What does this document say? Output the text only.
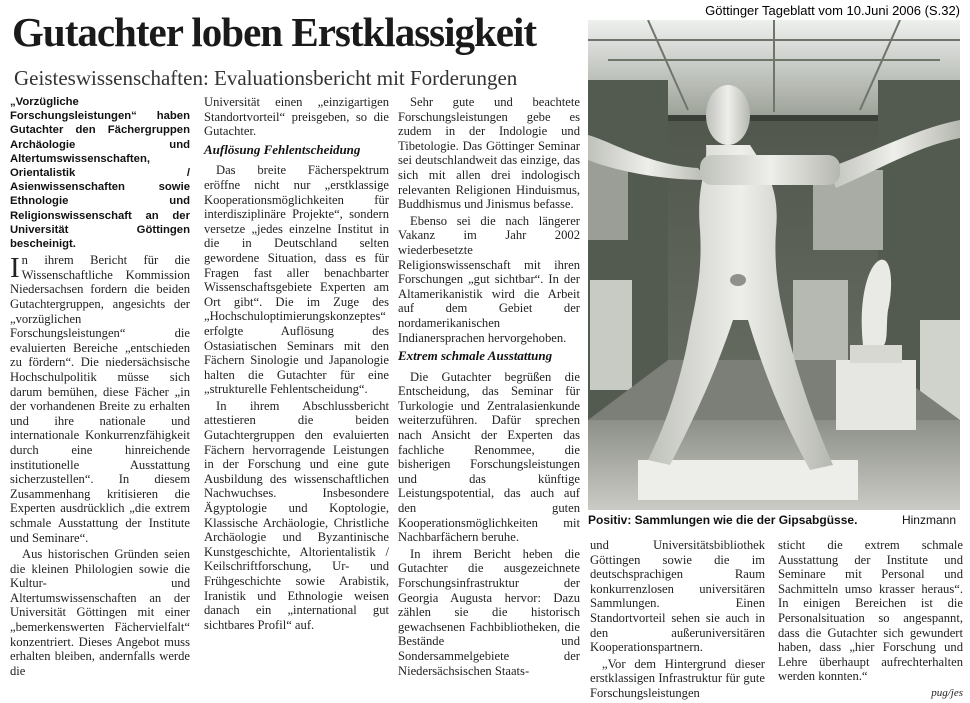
Göttinger Tageblatt vom 10.Juni 2006 (S.32)
Gutachter loben Erstklassigkeit
Geisteswissenschaften: Evaluationsbericht mit Forderungen

„Vorzügliche Forschungsleistungen“ haben Gutachter den Fächergruppen Archäologie und Altertumswissenschaften, Orientalistik / Asienwissenschaften sowie Ethnologie und Religionswissenschaft an der Universität Göttingen bescheinigt.

In ihrem Bericht für die Wissenschaftliche Kommission Niedersachsen fordern die beiden Gutachtergruppen, angesichts der „vorzüglichen Forschungsleistungen“ die evaluierten Bereiche „entschieden zu fördern“. Die niedersächsische Hochschulpolitik müsse sich darum bemühen, diese Fächer „in der vorhandenen Breite zu erhalten und ihre nationale und internationale Konkurrenzfähigkeit durch eine hinreichende institutionelle Ausstattung sicherzustellen“. In diesem Zusammenhang kritisieren die Experten ausdrücklich „die extrem schmale Ausstattung der Institute und Seminare“.

Aus historischen Gründen seien die kleinen Philologien sowie die Kultur- und Altertumswissenschaften an der Universität Göttingen mit einer „bemerkenswerten Fächervielfalt“ konzentriert. Dieses Angebot muss erhalten bleiben, andernfalls werde die

Universität einen „einzigartigen Standortvorteil“ preisgeben, so die Gutachter.

Auflösung Fehlentscheidung

Das breite Fächerspektrum eröffne nicht nur „erstklassige Kooperationsmöglichkeiten für interdisziplinäre Projekte“, sondern versetze „jedes einzelne Institut in die in Deutschland selten gewordene Situation, dass es für Fragen fast aller benachbarter Wissenschaftsgebiete Experten am Ort gibt“. Die im Zuge des „Hochschuloptimierungskonzeptes“ erfolgte Auflösung des Ostasiatischen Seminars mit den Fächern Sinologie und Japanologie halten die Gutachter für eine „strukturelle Fehlentscheidung“.

In ihrem Abschlussbericht attestieren die beiden Gutachtergruppen den evaluierten Fächern hervorragende Leistungen in der Forschung und eine gute Ausbildung des wissenschaftlichen Nachwuchses. Insbesondere Ägyptologie und Koptologie, Klassische Archäologie, Christliche Archäologie und Byzantinische Kunstgeschichte, Altorientalistik / Keilschriftforschung, Ur- und Frühgeschichte sowie Arabistik, Iranistik und Ethnologie weisen danach ein „international gut sichtbares Profil“ auf.

Sehr gute und beachtete Forschungsleistungen gebe es zudem in der Indologie und Tibetologie. Das Göttinger Seminar sei deutschlandweit das einzige, das sich mit allen drei indologisch relevanten Religionen Hinduismus, Buddhismus und Jinismus befasse.

Ebenso sei die nach längerer Vakanz im Jahr 2002 wiederbesetzte Religionswissenschaft mit ihren Forschungen „gut sichtbar“. In der Altamerikanistik wird die Arbeit auf dem Gebiet der nordamerikanischen Indianersprachen hervorgehoben.

Extrem schmale Ausstattung

Die Gutachter begrüßen die Entscheidung, das Seminar für Turkologie und Zentralasienkunde weiterzuführen. Dafür sprechen nach Ansicht der Experten das fachliche Renommee, die bisherigen Forschungsleistungen und das künftige Leistungspotential, das auch auf den guten Kooperationsmöglichkeiten mit Nachbarfächern beruhe.

In ihrem Bericht heben die Gutachter die ausgezeichnete Forschungsinfrastruktur der Georgia Augusta hervor: Dazu zählen sie die historisch gewachsenen Fachbibliotheken, die Bestände und Sondersammelgebiete der Niedersächsischen Staats-

Positiv: Sammlungen wie die der Gipsabgüsse.	Hinzmann

und Universitätsbibliothek Göttingen sowie die im deutschsprachigen Raum konkurrenzlosen universitären Sammlungen. Einen Standortvorteil sehen sie auch in den außeruniversitären Kooperationspartnern.

„Vor dem Hintergrund dieser erstklassigen Infrastruktur für gute Forschungsleistungen

sticht die extrem schmale Ausstattung der Institute und Seminare mit Personal und Sachmitteln umso krasser heraus“. In einigen Bereichen ist die Personalsituation so angespannt, dass die Gutachter sich gewundert haben, dass „hier Forschung und Lehre überhaupt aufrechterhalten werden konnten.“

pug/jes
